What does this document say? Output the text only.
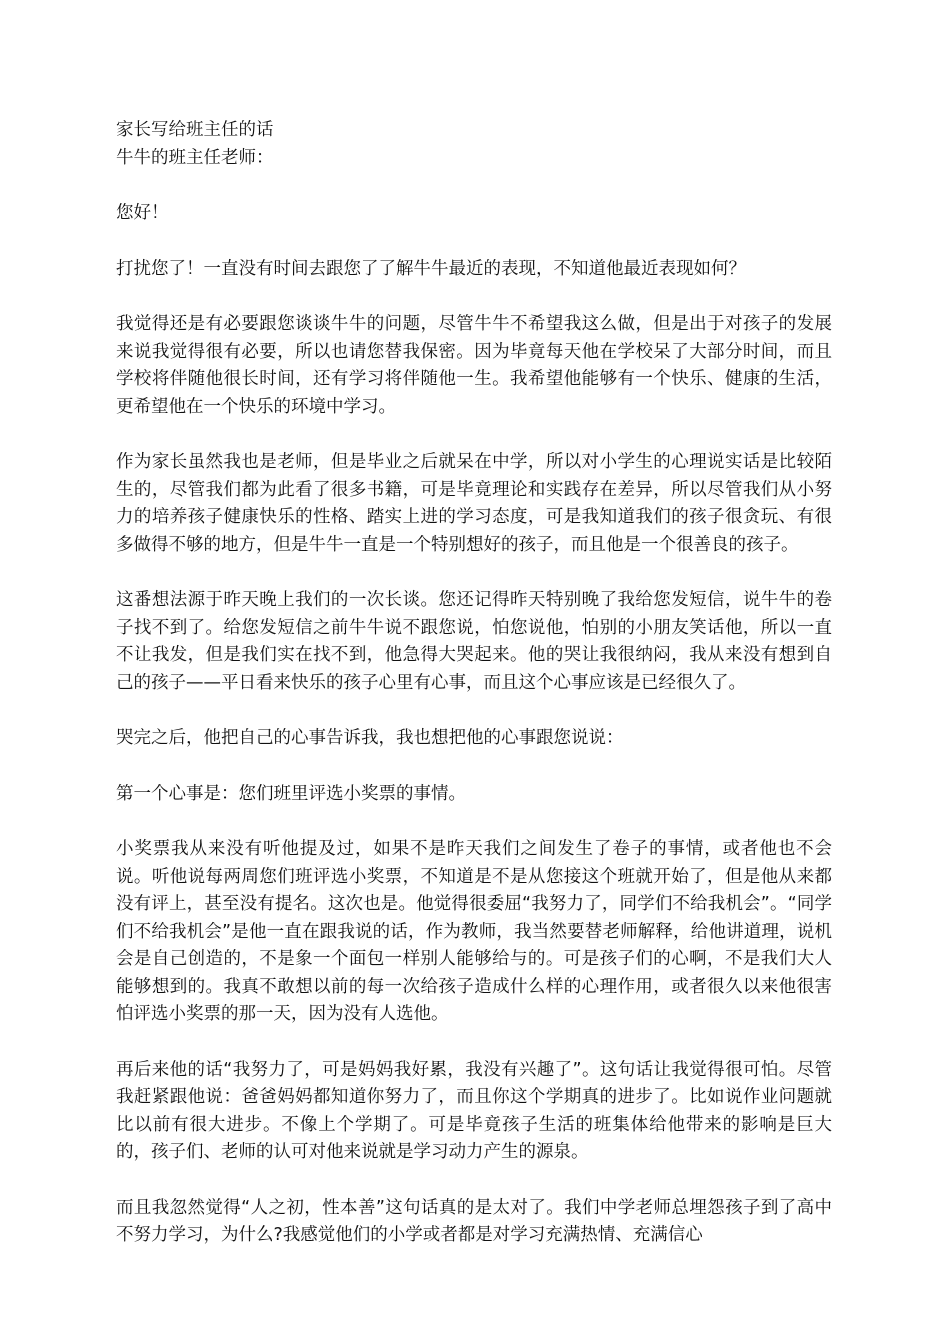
家长写给班主任的话

牛牛的班主任老师：

您好！

打扰您了！一直没有时间去跟您了了解牛牛最近的表现，不知道他最近表现如何？

我觉得还是有必要跟您谈谈牛牛的问题，尽管牛牛不希望我这么做，但是出于对孩子的发展来说我觉得很有必要，所以也请您替我保密。因为毕竟每天他在学校呆了大部分时间，而且学校将伴随他很长时间，还有学习将伴随他一生。我希望他能够有一个快乐、健康的生活，更希望他在一个快乐的环境中学习。

作为家长虽然我也是老师，但是毕业之后就呆在中学，所以对小学生的心理说实话是比较陌生的，尽管我们都为此看了很多书籍，可是毕竟理论和实践存在差异，所以尽管我们从小努力的培养孩子健康快乐的性格、踏实上进的学习态度，可是我知道我们的孩子很贪玩、有很多做得不够的地方，但是牛牛一直是一个特别想好的孩子，而且他是一个很善良的孩子。

这番想法源于昨天晚上我们的一次长谈。您还记得昨天特别晚了我给您发短信，说牛牛的卷子找不到了。给您发短信之前牛牛说不跟您说，怕您说他，怕别的小朋友笑话他，所以一直不让我发，但是我们实在找不到，他急得大哭起来。他的哭让我很纳闷，我从来没有想到自己的孩子——平日看来快乐的孩子心里有心事，而且这个心事应该是已经很久了。

哭完之后，他把自己的心事告诉我，我也想把他的心事跟您说说：

第一个心事是：您们班里评选小奖票的事情。

小奖票我从来没有听他提及过，如果不是昨天我们之间发生了卷子的事情，或者他也不会说。听他说每两周您们班评选小奖票，不知道是不是从您接这个班就开始了，但是他从来都没有评上，甚至没有提名。这次也是。他觉得很委屈“我努力了，同学们不给我机会”。“同学们不给我机会”是他一直在跟我说的话，作为教师，我当然要替老师解释，给他讲道理，说机会是自己创造的，不是象一个面包一样别人能够给与的。可是孩子们的心啊，不是我们大人能够想到的。我真不敢想以前的每一次给孩子造成什么样的心理作用，或者很久以来他很害怕评选小奖票的那一天，因为没有人选他。

再后来他的话“我努力了，可是妈妈我好累，我没有兴趣了”。这句话让我觉得很可怕。尽管我赶紧跟他说：爸爸妈妈都知道你努力了，而且你这个学期真的进步了。比如说作业问题就比以前有很大进步。不像上个学期了。可是毕竟孩子生活的班集体给他带来的影响是巨大的，孩子们、老师的认可对他来说就是学习动力产生的源泉。

而且我忽然觉得“人之初，性本善”这句话真的是太对了。我们中学老师总埋怨孩子到了高中不努力学习，为什么?我感觉他们的小学或者都是对学习充满热情、充满信心
